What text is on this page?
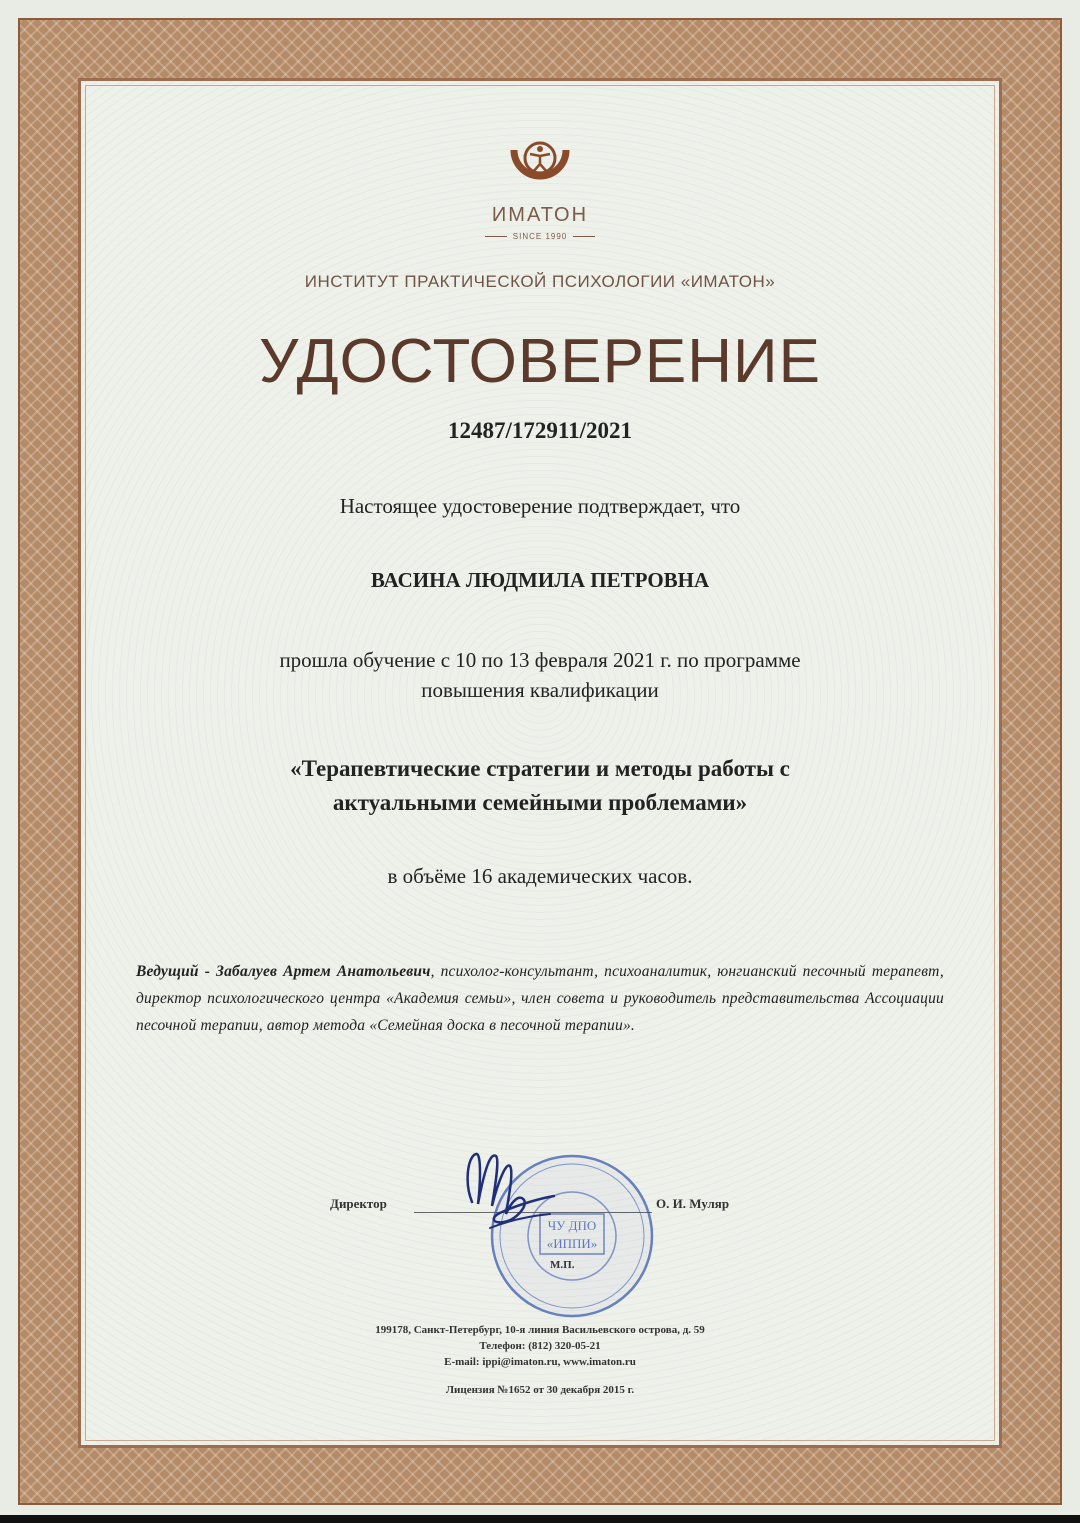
ИМАТОН
SINCE 1990
ИНСТИТУТ ПРАКТИЧЕСКОЙ ПСИХОЛОГИИ «ИМАТОН»
УДОСТОВЕРЕНИЕ
12487/172911/2021
Настоящее удостоверение подтверждает, что
ВАСИНА ЛЮДМИЛА ПЕТРОВНА
прошла обучение с 10 по 13 февраля 2021 г. по программе
повышения квалификации
«Терапевтические стратегии и методы работы с
актуальными семейными проблемами»
в объёме 16 академических часов.
Ведущий - Забалуев Артем Анатольевич, психолог-консультант, психоаналитик, юнгианский песочный терапевт, директор психологического центра «Академия семьи», член совета и руководитель представительства Ассоциации песочной терапии, автор метода «Семейная доска в песочной терапии».
Директор	О. И. Муляр
ЧУ ДПО
«ИППИ»
М.П.
199178, Санкт-Петербург, 10-я линия Васильевского острова, д. 59
Телефон: (812) 320-05-21
E-mail: ippi@imaton.ru, www.imaton.ru
Лицензия №1652 от 30 декабря 2015 г.
